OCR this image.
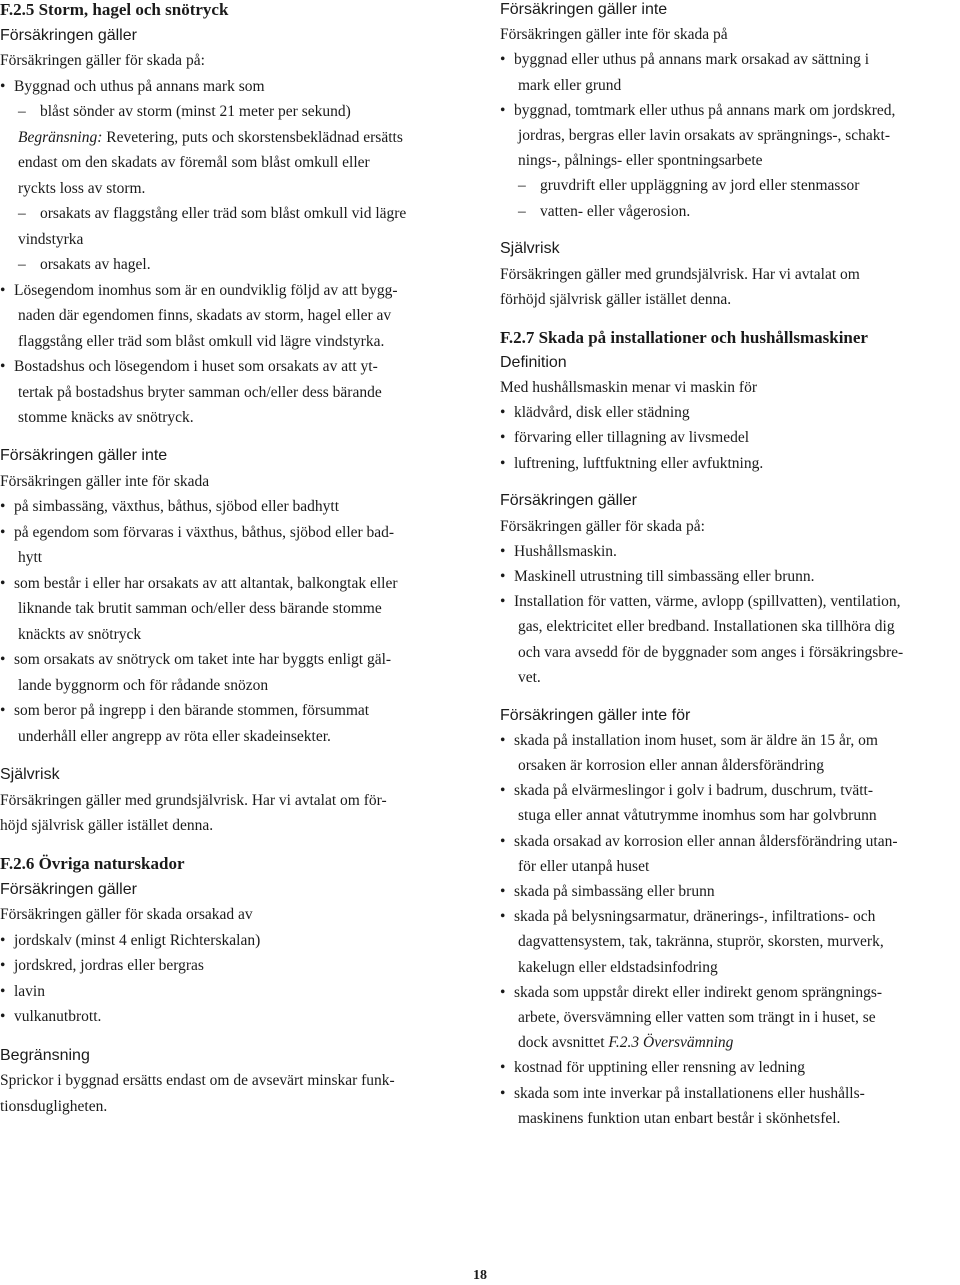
F.2.5 Storm, hagel och snötryck
Försäkringen gäller
Försäkringen gäller för skada på:
• Byggnad och uthus på annans mark som
– blåst sönder av storm (minst 21 meter per sekund)
Begränsning: Revetering, puts och skorstensbeklädnad ersätts
endast om den skadats av föremål som blåst omkull eller
ryckts loss av storm.
– orsakats av flaggstång eller träd som blåst omkull vid lägre
vindstyrka
– orsakats av hagel.
• Lösegendom inomhus som är en oundviklig följd av att bygg-
naden där egendomen finns, skadats av storm, hagel eller av
flaggstång eller träd som blåst omkull vid lägre vindstyrka.
• Bostadshus och lösegendom i huset som orsakats av att yt-
tertak på bostadshus bryter samman och/eller dess bärande
stomme knäcks av snötryck.
Försäkringen gäller inte
Försäkringen gäller inte för skada
• på simbassäng, växthus, båthus, sjöbod eller badhytt
• på egendom som förvaras i växthus, båthus, sjöbod eller bad-
hytt
• som består i eller har orsakats av att altantak, balkongtak eller
liknande tak brutit samman och/eller dess bärande stomme
knäckts av snötryck
• som orsakats av snötryck om taket inte har byggts enligt gäl-
lande byggnorm och för rådande snözon
• som beror på ingrepp i den bärande stommen, försummat
underhåll eller angrepp av röta eller skadeinsekter.
Självrisk
Försäkringen gäller med grundsjälvrisk. Har vi avtalat om för-
höjd självrisk gäller istället denna.
F.2.6 Övriga naturskador
Försäkringen gäller
Försäkringen gäller för skada orsakad av
• jordskalv (minst 4 enligt Richterskalan)
• jordskred, jordras eller bergras
• lavin
• vulkanutbrott.
Begränsning
Sprickor i byggnad ersätts endast om de avsevärt minskar funk-
tionsdugligheten.
Försäkringen gäller inte
Försäkringen gäller inte för skada på
• byggnad eller uthus på annans mark orsakad av sättning i
mark eller grund
• byggnad, tomtmark eller uthus på annans mark om jordskred,
jordras, bergras eller lavin orsakats av sprängnings-, schakt-
nings-, pålnings- eller spontningsarbete
– gruvdrift eller uppläggning av jord eller stenmassor
– vatten- eller vågerosion.
Självrisk
Försäkringen gäller med grundsjälvrisk. Har vi avtalat om
förhöjd självrisk gäller istället denna.
F.2.7 Skada på installationer och hushållsmaskiner
Definition
Med hushållsmaskin menar vi maskin för
• klädvård, disk eller städning
• förvaring eller tillagning av livsmedel
• luftrening, luftfuktning eller avfuktning.
Försäkringen gäller
Försäkringen gäller för skada på:
• Hushållsmaskin.
• Maskinell utrustning till simbassäng eller brunn.
• Installation för vatten, värme, avlopp (spillvatten), ventilation,
gas, elektricitet eller bredband. Installationen ska tillhöra dig
och vara avsedd för de byggnader som anges i försäkringsbre-
vet.
Försäkringen gäller inte för
• skada på installation inom huset, som är äldre än 15 år, om
orsaken är korrosion eller annan åldersförändring
• skada på elvärmeslingor i golv i badrum, duschrum, tvätt-
stuga eller annat våtutrymme inomhus som har golvbrunn
• skada orsakad av korrosion eller annan åldersförändring utan-
för eller utanpå huset
• skada på simbassäng eller brunn
• skada på belysningsarmatur, dränerings-, infiltrations- och
dagvattensystem, tak, takränna, stuprör, skorsten, murverk,
kakelugn eller eldstadsinfodring
• skada som uppstår direkt eller indirekt genom sprängnings-
arbete, översvämning eller vatten som trängt in i huset, se
dock avsnittet F.2.3 Översvämning
• kostnad för upptining eller rensning av ledning
• skada som inte inverkar på installationens eller hushålls-
maskinens funktion utan enbart består i skönhetsfel.
18
